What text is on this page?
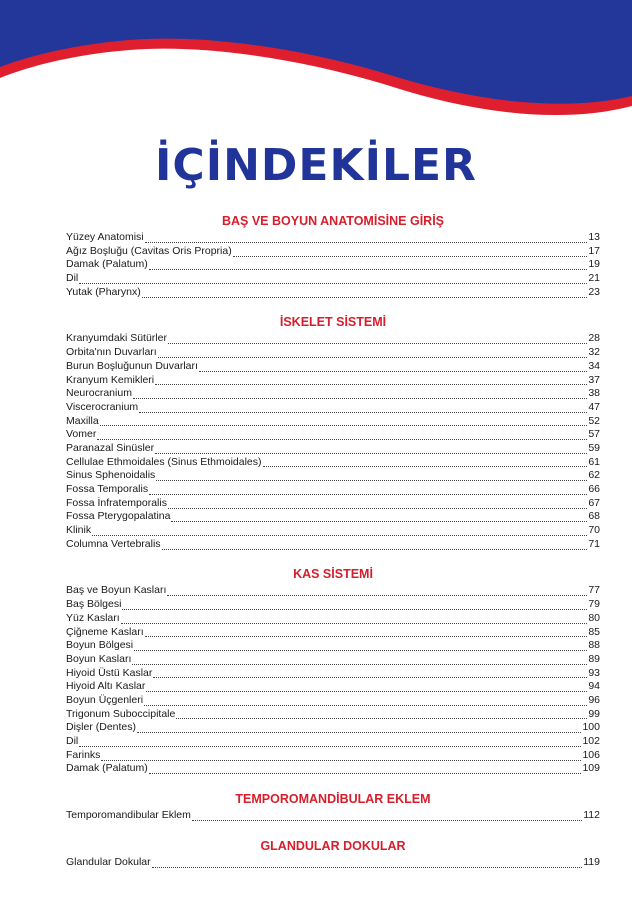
İÇİNDEKİLER
BAŞ VE BOYUN ANATOMİSİNE GİRİŞ
Yüzey Anatomisi	13
Ağız Boşluğu (Cavitas Oris Propria)	17
Damak (Palatum)	19
Dil	21
Yutak (Pharynx)	23
İSKELET SİSTEMİ
Kranyumdaki Sütürler	28
Orbita'nın Duvarları	32
Burun Boşluğunun Duvarları	34
Kranyum Kemikleri	37
Neurocranium	38
Viscerocranium	47
Maxilla	52
Vomer	57
Paranazal Sinüsler	59
Cellulae Ethmoidales (Sinus Ethmoidales)	61
Sinus Sphenoidalis	62
Fossa Temporalis	66
Fossa İnfratemporalis	67
Fossa Pterygopalatina	68
Klinik	70
Columna Vertebralis	71
KAS SİSTEMİ
Baş ve Boyun Kasları	77
Baş Bölgesi	79
Yüz Kasları	80
Çiğneme Kasları	85
Boyun Bölgesi	88
Boyun Kasları	89
Hiyoid Üstü Kaslar	93
Hiyoid Altı Kaslar	94
Boyun Üçgenleri	96
Trigonum Suboccipitale	99
Dişler (Dentes)	100
Dil	102
Farinks	106
Damak (Palatum)	109
TEMPOROMANDİBULAR EKLEM
Temporomandibular Eklem	112
GLANDULAR DOKULAR
Glandular Dokular	119
